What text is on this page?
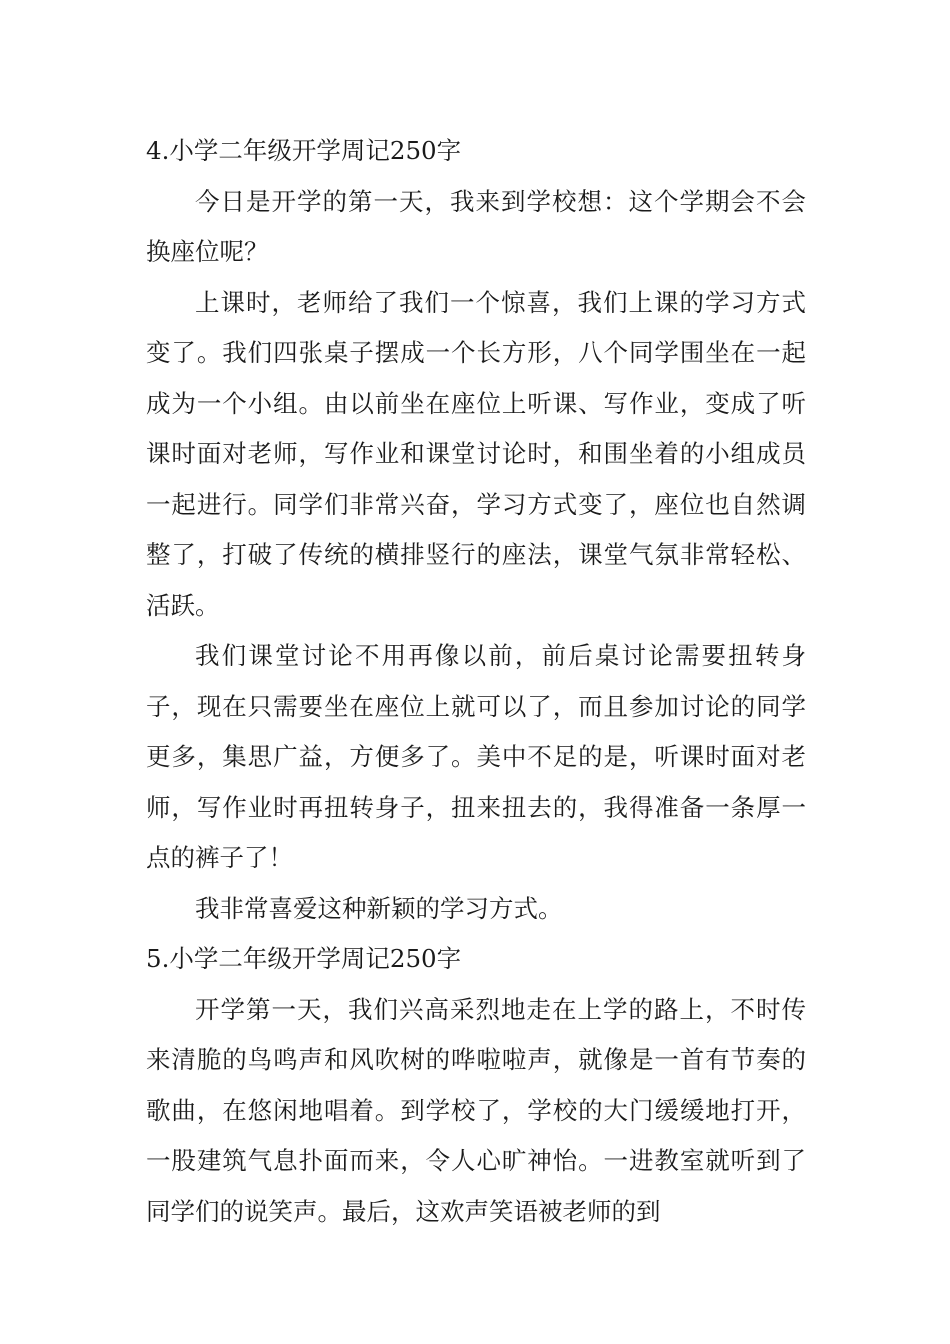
4.小学二年级开学周记250字

今日是开学的第一天，我来到学校想：这个学期会不会换座位呢？

上课时，老师给了我们一个惊喜，我们上课的学习方式变了。我们四张桌子摆成一个长方形，八个同学围坐在一起成为一个小组。由以前坐在座位上听课、写作业，变成了听课时面对老师，写作业和课堂讨论时，和围坐着的小组成员一起进行。同学们非常兴奋，学习方式变了，座位也自然调整了，打破了传统的横排竖行的座法，课堂气氛非常轻松、活跃。

我们课堂讨论不用再像以前，前后桌讨论需要扭转身子，现在只需要坐在座位上就可以了，而且参加讨论的同学更多，集思广益，方便多了。美中不足的是，听课时面对老师，写作业时再扭转身子，扭来扭去的，我得准备一条厚一点的裤子了！

我非常喜爱这种新颖的学习方式。

5.小学二年级开学周记250字

开学第一天，我们兴高采烈地走在上学的路上，不时传来清脆的鸟鸣声和风吹树的哗啦啦声，就像是一首有节奏的歌曲，在悠闲地唱着。到学校了，学校的大门缓缓地打开，一股建筑气息扑面而来，令人心旷神怡。一进教室就听到了同学们的说笑声。最后，这欢声笑语被老师的到
